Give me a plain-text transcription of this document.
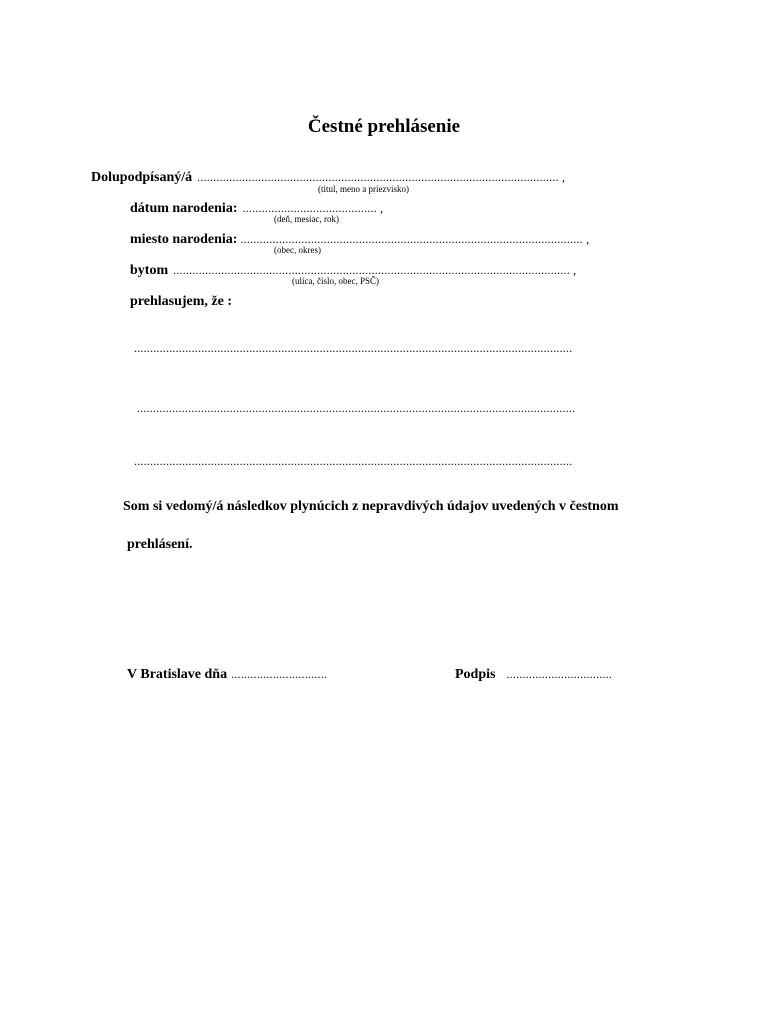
Čestné prehlásenie
Dolupodpísaný/á ................................................................................................................. ,
(titul, meno a priezvisko)
dátum narodenia: .......................................... ,
(deň, mesiac, rok)
miesto narodenia: ........................................................................................................... ,
(obec, okres)
bytom ............................................................................................................................ ,
(ulica, číslo, obec, PSČ)
prehlasujem, že :
.........................................................................................................................................
.........................................................................................................................................
.........................................................................................................................................
Som si vedomý/á následkov plynúcich z nepravdivých údajov uvedených v čestnom
prehlásení.
V Bratislave dňa ..............................	Podpis .................................
